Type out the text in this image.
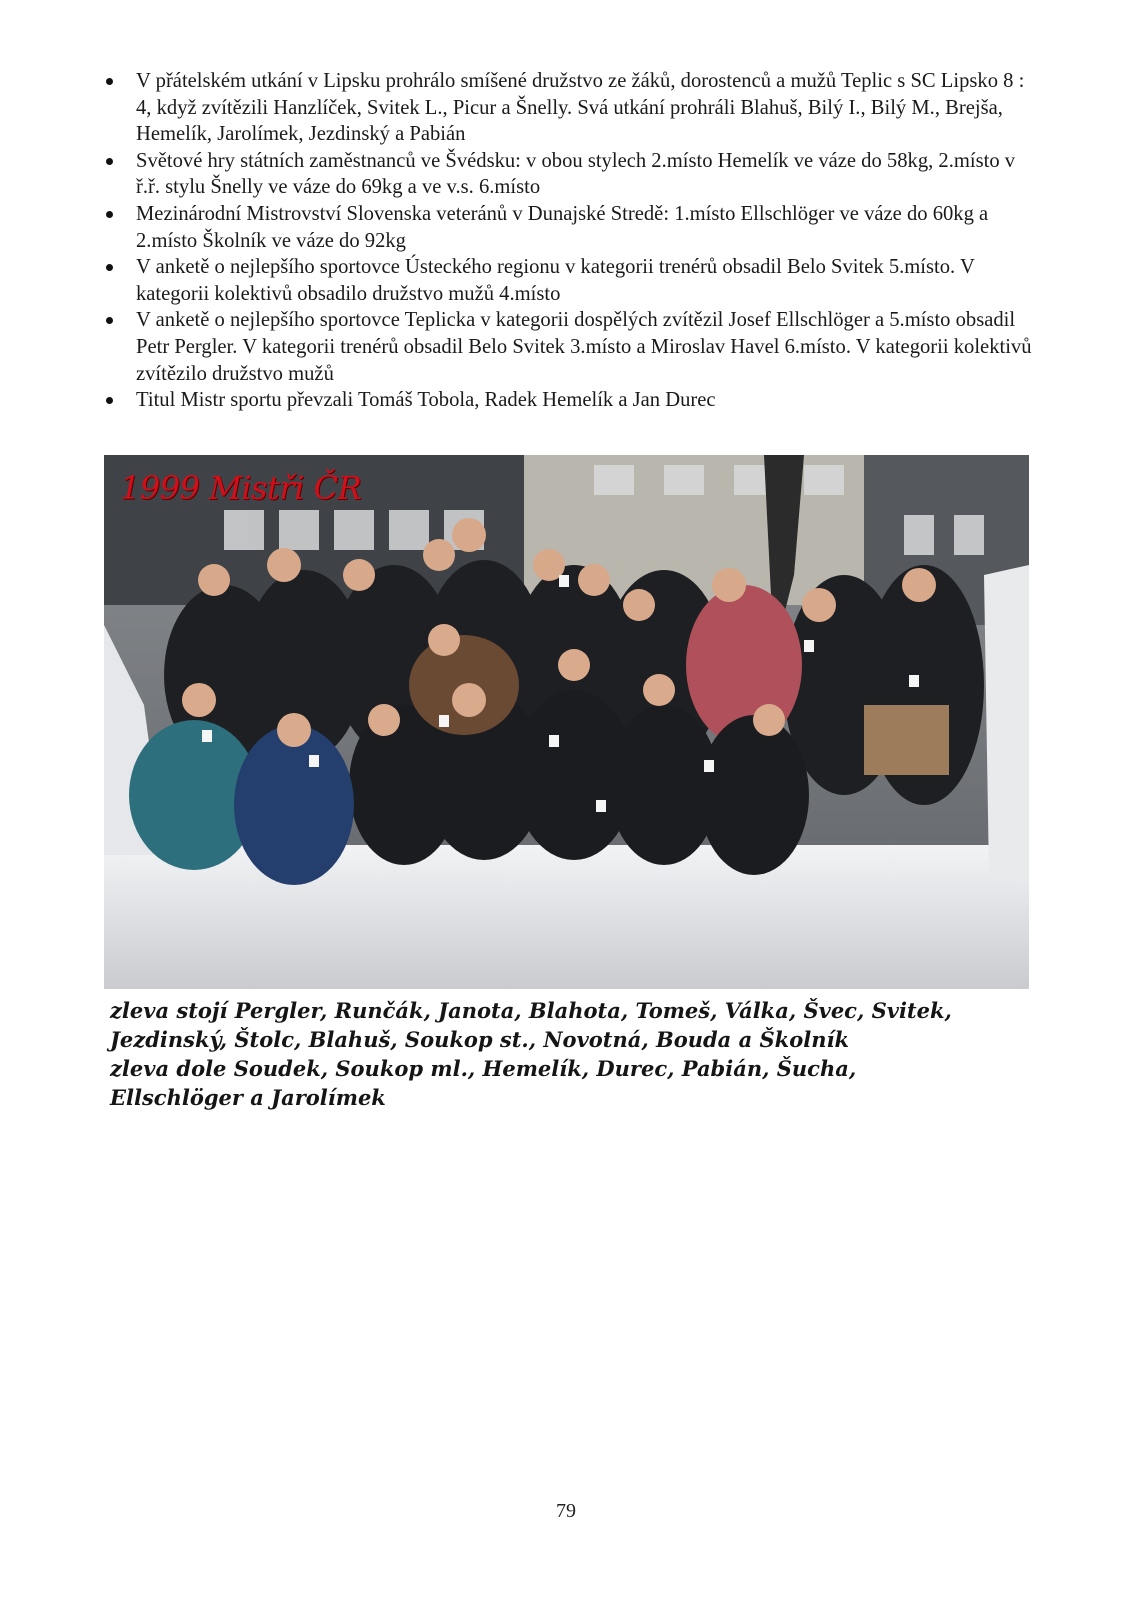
V přátelském utkání v Lipsku prohrálo smíšené družstvo ze žáků, dorostenců a mužů Teplic s SC Lipsko 8 : 4, když zvítězili Hanzlíček, Svitek L., Picur a Šnelly. Svá utkání prohráli Blahuš, Bilý I., Bilý M., Brejša, Hemelík, Jarolímek, Jezdinský a Pabián
Světové hry státních zaměstnanců ve Švédsku: v obou stylech 2.místo Hemelík ve váze do 58kg, 2.místo v ř.ř. stylu Šnelly ve váze do 69kg a ve v.s. 6.místo
Mezinárodní Mistrovství Slovenska veteránů v Dunajské Stredě: 1.místo Ellschlöger ve váze do 60kg a 2.místo Školník ve váze do 92kg
V anketě o nejlepšího sportovce Ústeckého regionu v kategorii trenérů obsadil Belo Svitek 5.místo. V kategorii kolektivů obsadilo družstvo mužů 4.místo
V anketě o nejlepšího sportovce Teplicka v kategorii dospělých zvítězil Josef Ellschlöger a 5.místo obsadil Petr Pergler. V kategorii trenérů obsadil Belo Svitek 3.místo a Miroslav Havel 6.místo. V kategorii kolektivů zvítězilo družstvo mužů
Titul Mistr sportu převzali Tomáš Tobola, Radek Hemelík a Jan Durec
1999 Mistři ČR

zleva stojí Pergler, Runčák, Janota, Blahota, Tomeš, Válka, Švec, Svitek, Jezdinský, Štolc, Blahuš, Soukop st., Novotná, Bouda a Školník

zleva dole Soudek, Soukop ml., Hemelík, Durec, Pabián, Šucha, Ellschlöger a Jarolímek

79
